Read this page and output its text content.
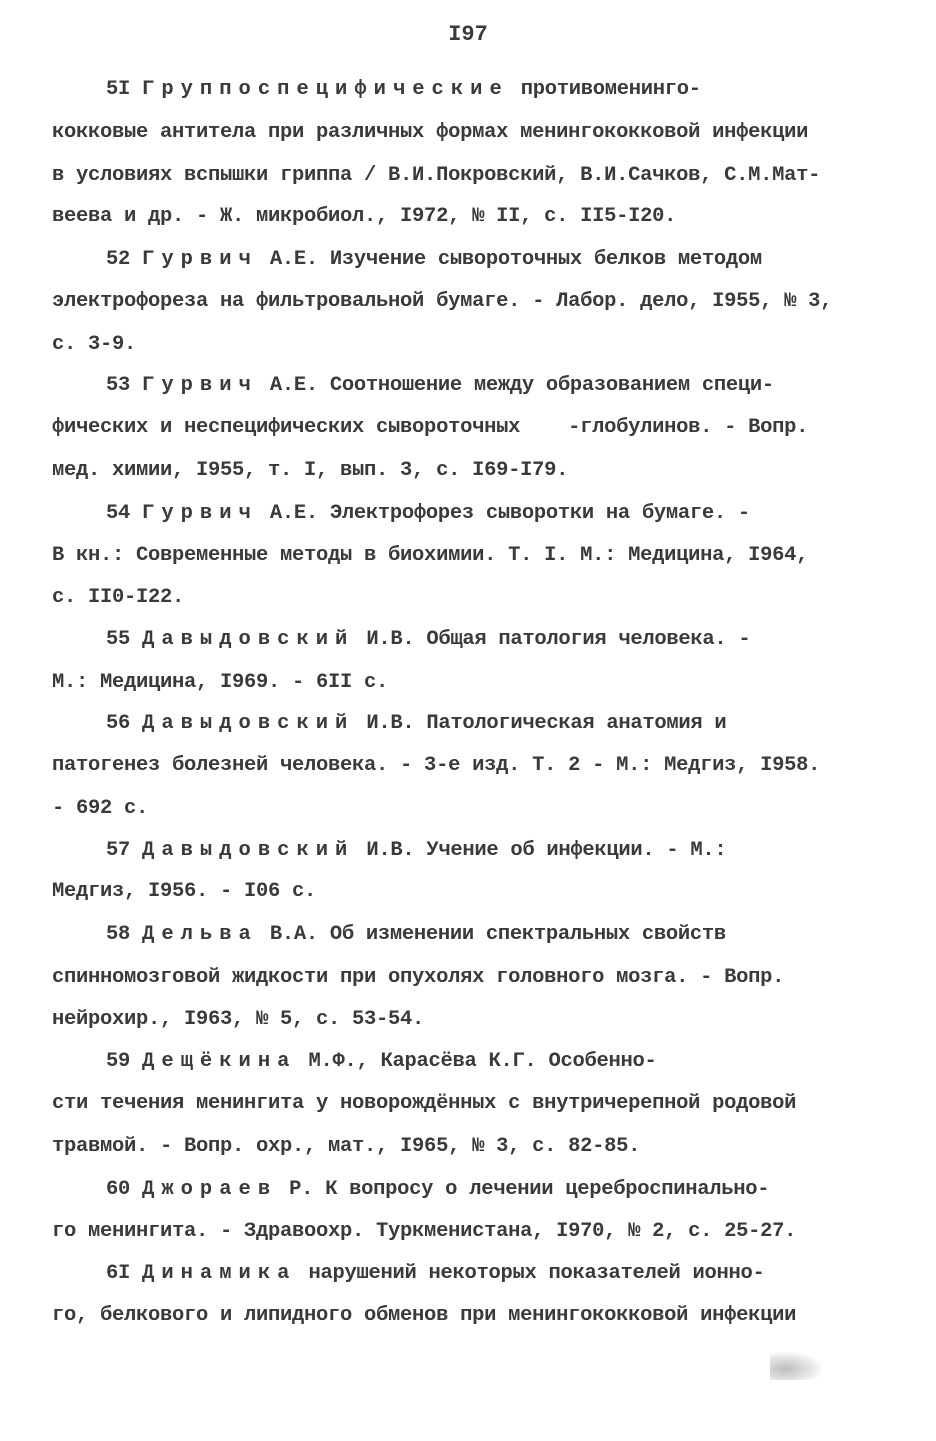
I97
5I Группоспецифические противоменинго-
кокковые антитела при различных формах менингококковой инфекции
в условиях вспышки гриппа / В.И.Покровский, В.И.Сачков, С.М.Мат-
веева и др. - Ж. микробиол., I972, № II, с. II5-I20.
52 Гурвич А.Е. Изучение сывороточных белков методом
электрофореза на фильтровальной бумаге. - Лабор. дело, I955, № 3,
с. 3-9.
53 Гурвич А.Е. Соотношение между образованием специ-
фических и неспецифических сывороточных    -глобулинов. - Вопр.
мед. химии, I955, т. I, вып. 3, с. I69-I79.
54 Гурвич А.Е. Электрофорез сыворотки на бумаге. -
В кн.: Современные методы в биохимии. Т. I. М.: Медицина, I964,
с. II0-I22.
55 Давыдовский И.В. Общая патология человека. -
М.: Медицина, I969. - 6II с.
56 Давыдовский И.В. Патологическая анатомия и
патогенез болезней человека. - 3-е изд. Т. 2 - М.: Медгиз, I958.
- 692 с.
57 Давыдовский И.В. Учение об инфекции. - М.:
Медгиз, I956. - I06 с.
58 Дельва В.А. Об изменении спектральных свойств
спинномозговой жидкости при опухолях головного мозга. - Вопр.
нейрохир., I963, № 5, с. 53-54.
59 Дещёкина М.Ф., Карасёва К.Г. Особенно-
сти течения менингита у новорождённых с внутричерепной родовой
травмой. - Вопр. охр., мат., I965, № 3, с. 82-85.
60 Джораев Р. К вопросу о лечении цереброспинально-
го менингита. - Здравоохр. Туркменистана, I970, № 2, с. 25-27.
6I Динамика нарушений некоторых показателей ионно-
го, белкового и липидного обменов при менингококковой инфекции
